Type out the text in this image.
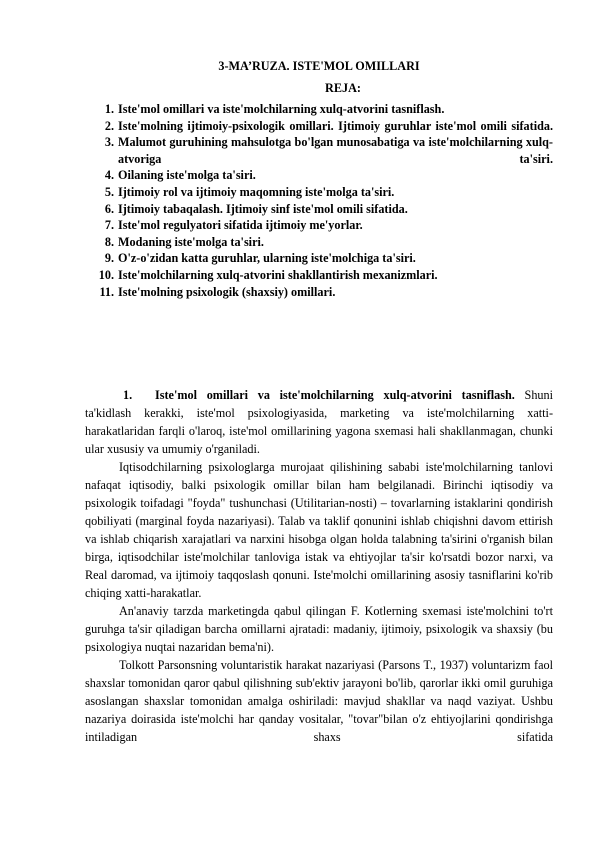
3-MA’RUZA. ISTE'MOL OMILLARI
REJA:
1. Iste'mol omillari va iste'molchilarning xulq-atvorini tasniflash.
2. Iste'molning ijtimoiy-psixologik omillari. Ijtimoiy guruhlar iste'mol omili sifatida.
3. Malumot guruhining mahsulotga bo'lgan munosabatiga va iste'molchilarning xulq-atvoriga ta'siri.
4. Oilaning iste'molga ta'siri.
5. Ijtimoiy rol va ijtimoiy maqomning iste'molga ta'siri.
6. Ijtimoiy tabaqalash. Ijtimoiy sinf iste'mol omili sifatida.
7. Iste'mol regulyatori sifatida ijtimoiy me'yorlar.
8. Modaning iste'molga ta'siri.
9. O'z-o'zidan katta guruhlar, ularning iste'molchiga ta'siri.
10. Iste'molchilarning xulq-atvorini shakllantirish mexanizmlari.
11. Iste'molning psixologik (shaxsiy) omillari.

1. Iste'mol omillari va iste'molchilarning xulq-atvorini tasniflash. Shuni ta'kidlash kerakki, iste'mol psixologiyasida, marketing va iste'molchilarning xatti-harakatlaridan farqli o'laroq, iste'mol omillarining yagona sxemasi hali shakllanmagan, chunki ular xususiy va umumiy o'rganiladi.

Iqtisodchilarning psixologlarga murojaat qilishining sababi iste'molchilarning tanlovi nafaqat iqtisodiy, balki psixologik omillar bilan ham belgilanadi. Birinchi iqtisodiy va psixologik toifadagi "foyda" tushunchasi (Utilitarian-nosti) – tovarlarning istaklarini qondirish qobiliyati (marginal foyda nazariyasi). Talab va taklif qonunini ishlab chiqishni davom ettirish va ishlab chiqarish xarajatlari va narxini hisobga olgan holda talabning ta'sirini o'rganish bilan birga, iqtisodchilar iste'molchilar tanloviga istak va ehtiyojlar ta'sir ko'rsatdi bozor narxi, va Real daromad, va ijtimoiy taqqoslash qonuni. Iste'molchi omillarining asosiy tasniflarini ko'rib chiqing xatti-harakatlar.

An'anaviy tarzda marketingda qabul qilingan F. Kotlerning sxemasi iste'molchini to'rt guruhga ta'sir qiladigan barcha omillarni ajratadi: madaniy, ijtimoiy, psixologik va shaxsiy (bu psixologiya nuqtai nazaridan bema'ni).

Tolkott Parsonsning voluntaristik harakat nazariyasi (Parsons T., 1937) voluntarizm faol shaxslar tomonidan qaror qabul qilishning sub'ektiv jarayoni bo'lib, qarorlar ikki omil guruhiga asoslangan shaxslar tomonidan amalga oshiriladi: mavjud shakllar va naqd vaziyat. Ushbu nazariya doirasida iste'molchi har qanday vositalar, "tovar"bilan o'z ehtiyojlarini qondirishga intiladigan shaxs sifatida
